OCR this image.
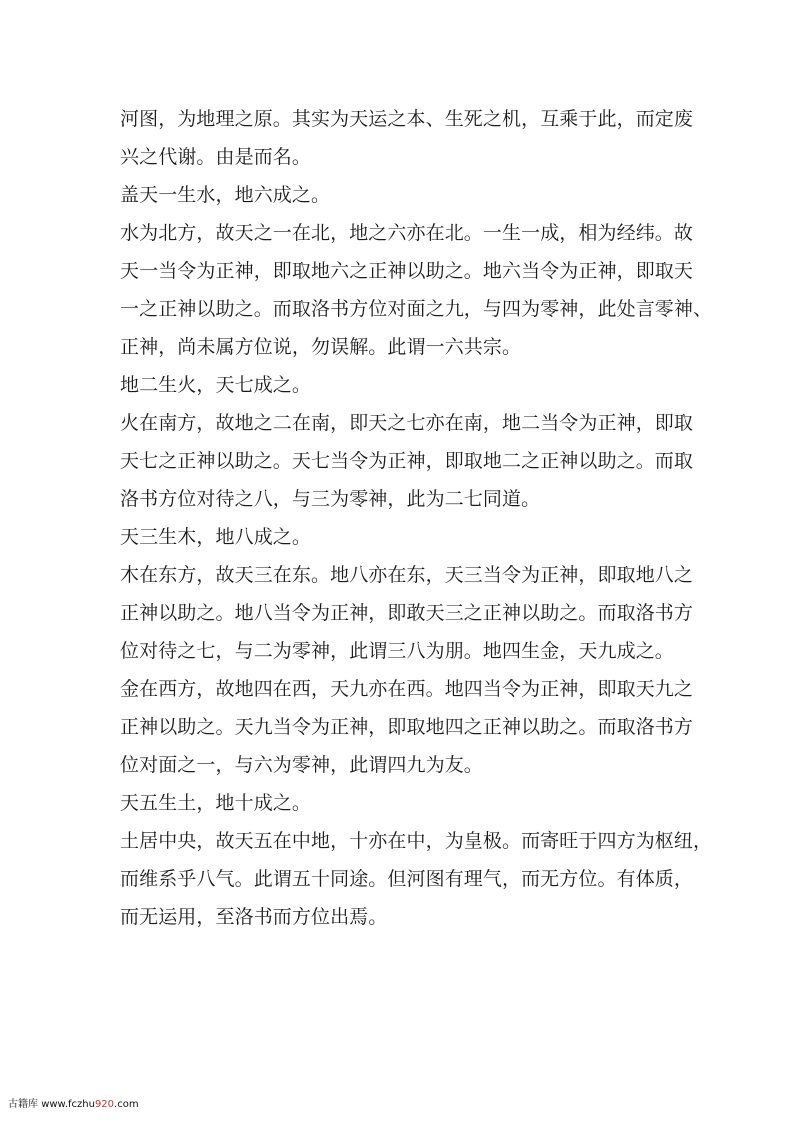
河图，为地理之原。其实为天运之本、生死之机，互乘于此，而定废
兴之代谢。由是而名。
盖天一生水，地六成之。
水为北方，故天之一在北，地之六亦在北。一生一成，相为经纬。故
天一当令为正神，即取地六之正神以助之。地六当令为正神，即取天
一之正神以助之。而取洛书方位对面之九，与四为零神，此处言零神、
正神，尚未属方位说，勿误解。此谓一六共宗。
地二生火，天七成之。
火在南方，故地之二在南，即天之七亦在南，地二当令为正神，即取
天七之正神以助之。天七当令为正神，即取地二之正神以助之。而取
洛书方位对待之八，与三为零神，此为二七同道。
天三生木，地八成之。
木在东方，故天三在东。地八亦在东，天三当令为正神，即取地八之
正神以助之。地八当令为正神，即敢天三之正神以助之。而取洛书方
位对待之七，与二为零神，此谓三八为朋。地四生金，天九成之。
金在西方，故地四在西，天九亦在西。地四当令为正神，即取天九之
正神以助之。天九当令为正神，即取地四之正神以助之。而取洛书方
位对面之一，与六为零神，此谓四九为友。
天五生土，地十成之。
土居中央，故天五在中地，十亦在中，为皇极。而寄旺于四方为枢纽，
而维系乎八气。此谓五十同途。但河图有理气，而无方位。有体质，
而无运用，至洛书而方位出焉。
古籍库 www.fczhu920.com
